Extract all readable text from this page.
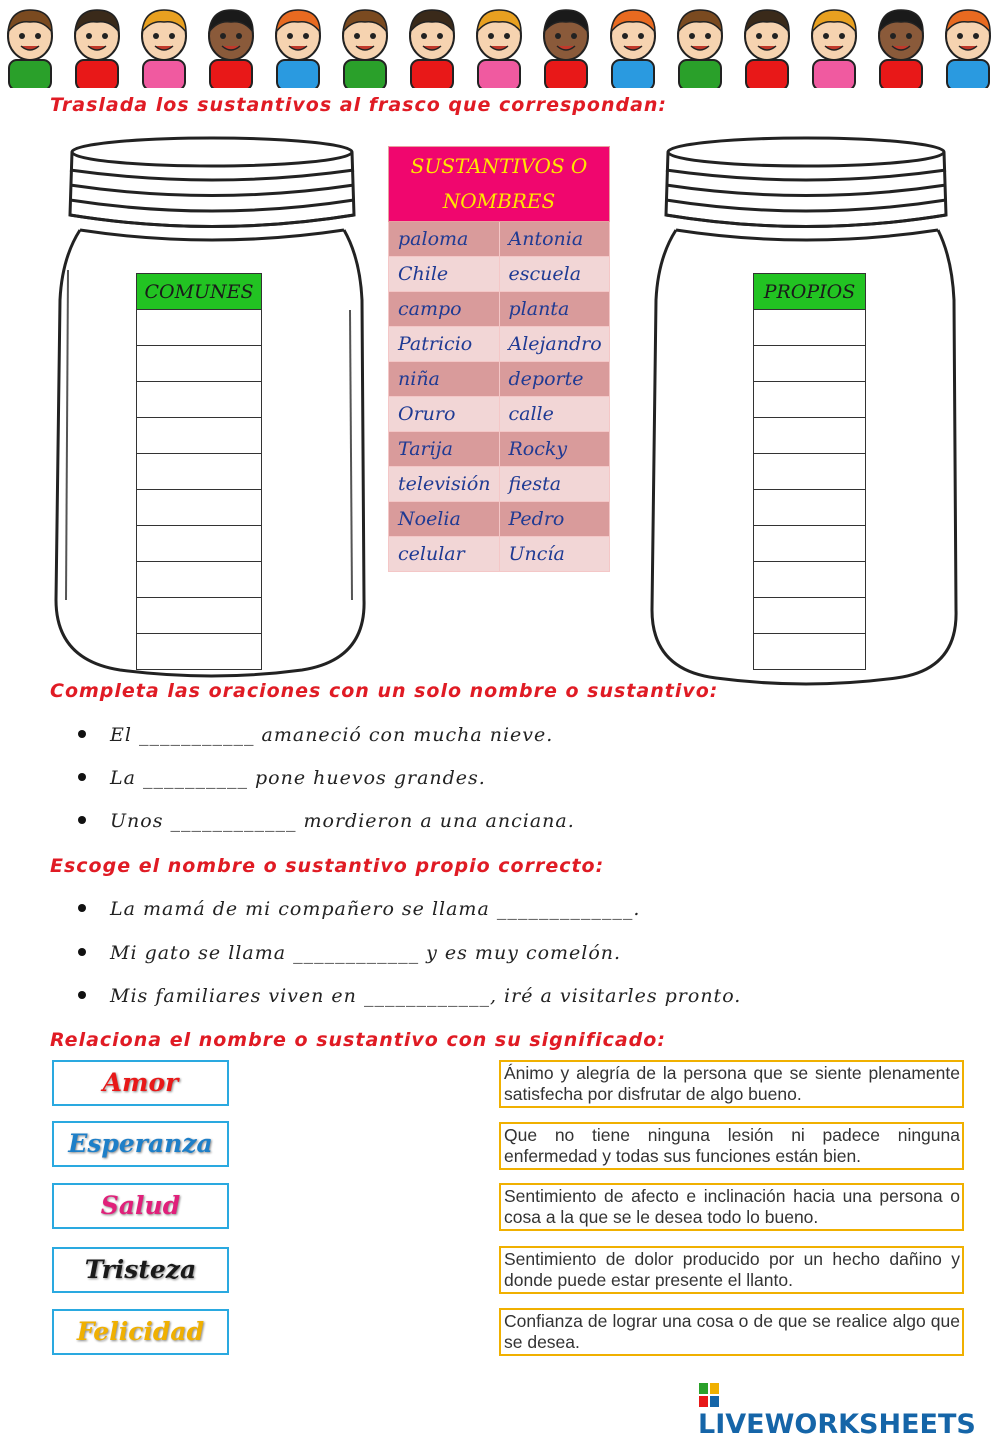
Traslada los sustantivos al frasco que correspondan:
COMUNES	PROPIOS
SUSTANTIVOS O
NOMBRES	

paloma	Antonia
Chile	escuela
campo	planta
Patricio	Alejandro
niña	deporte
Oruro	calle
Tarija	Rocky
televisión	fiesta
Noelia	Pedro
celular	Uncía
Completa las oraciones con un solo nombre o sustantivo:
El ___________ amaneció con mucha nieve.
La __________ pone huevos grandes.
Unos ____________ mordieron a una anciana.
Escoge el nombre o sustantivo propio correcto:
La mamá de mi compañero se llama _____________.
Mi gato se llama ____________ y es muy comelón.
Mis familiares viven en ____________, iré a visitarles pronto.
Relaciona el nombre o sustantivo con su significado:
Amor
Esperanza
Salud
Tristeza
Felicidad
Ánimo y alegría de la persona que se siente plenamente satisfecha por disfrutar de algo bueno.
Que no tiene ninguna lesión ni padece ninguna enfermedad y todas sus funciones están bien.
Sentimiento de afecto e inclinación hacia una persona o cosa a la que se le desea todo lo bueno.
Sentimiento de dolor producido por un hecho dañino y donde puede estar presente el llanto.
Confianza de lograr una cosa o de que se realice algo que se desea.
LIVEWORKSHEETS
